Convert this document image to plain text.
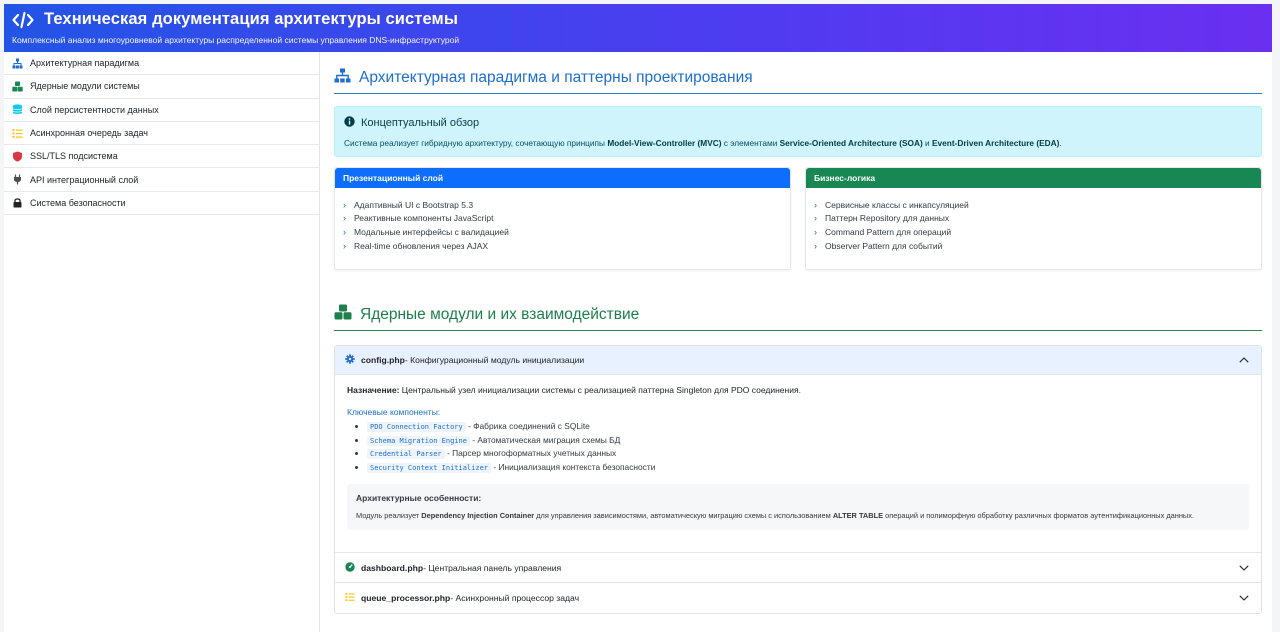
Техническая документация архитектуры системы
Комплексный анализ многоуровневой архитектуры распределенной системы управления DNS-инфраструктурой
Архитектурная парадигма
Ядерные модули системы
Слой персистентности данных
Асинхронная очередь задач
SSL/TLS подсистема
API интеграционный слой
Система безопасности
Архитектурная парадигма и паттерны проектирования
Концептуальный обзор

Система реализует гибридную архитектуру, сочетающую принципы Model-View-Controller (MVC) с элементами Service-Oriented Architecture (SOA) и Event-Driven Architecture (EDA).

Презентационный слой
› Адаптивный UI с Bootstrap 5.3
› Реактивные компоненты JavaScript
› Модальные интерфейсы с валидацией
› Real-time обновления через AJAX
Бизнес-логика
› Сервисные классы с инкапсуляцией
› Паттерн Repository для данных
› Command Pattern для операций
› Observer Pattern для событий
Ядерные модули и их взаимодействие
config.php- Конфигурационный модуль инициализации
Назначение: Центральный узел инициализации системы с реализацией паттерна Singleton для PDO соединения.
Ключевые компоненты:
• PDO Connection Factory - Фабрика соединений с SQLite
• Schema Migration Engine - Автоматическая миграция схемы БД
• Credential Parser - Парсер многоформатных учетных данных
• Security Context Initializer - Инициализация контекста безопасности
Архитектурные особенности:

Модуль реализует Dependency Injection Container для управления зависимостями, автоматическую миграцию схемы с использованием ALTER TABLE операций и полиморфную обработку различных форматов аутентификационных данных.

dashboard.php- Центральная панель управления
queue_processor.php- Асинхронный процессор задач
